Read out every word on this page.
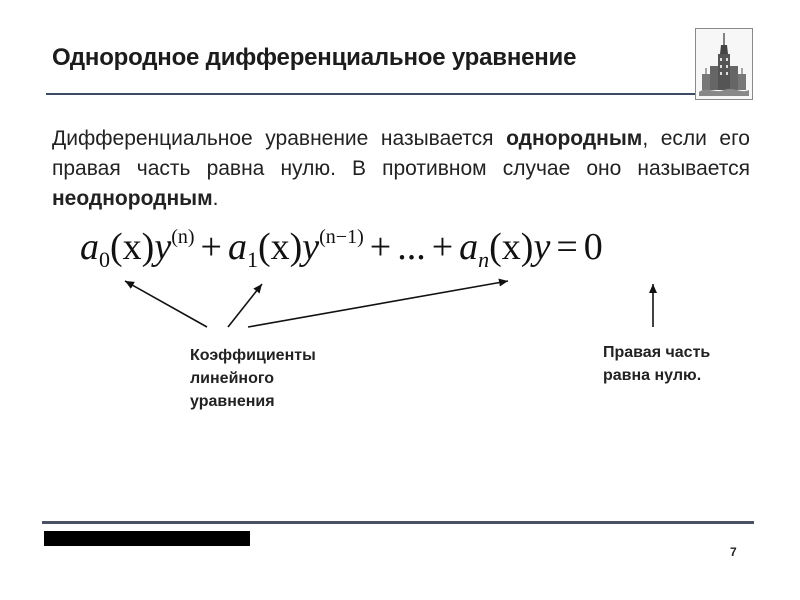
Однородное дифференциальное уравнение

Дифференциальное уравнение называется однородным, если его правая часть равна нулю. В противном случае оно называется неоднородным.

$a_0(x)y^{(n)} + a_1(x)y^{(n-1)}$ + ... + $a_n(x)y = 0$
Коэффициенты
линейного
уравнения
Правая часть
равна нулю.

7
